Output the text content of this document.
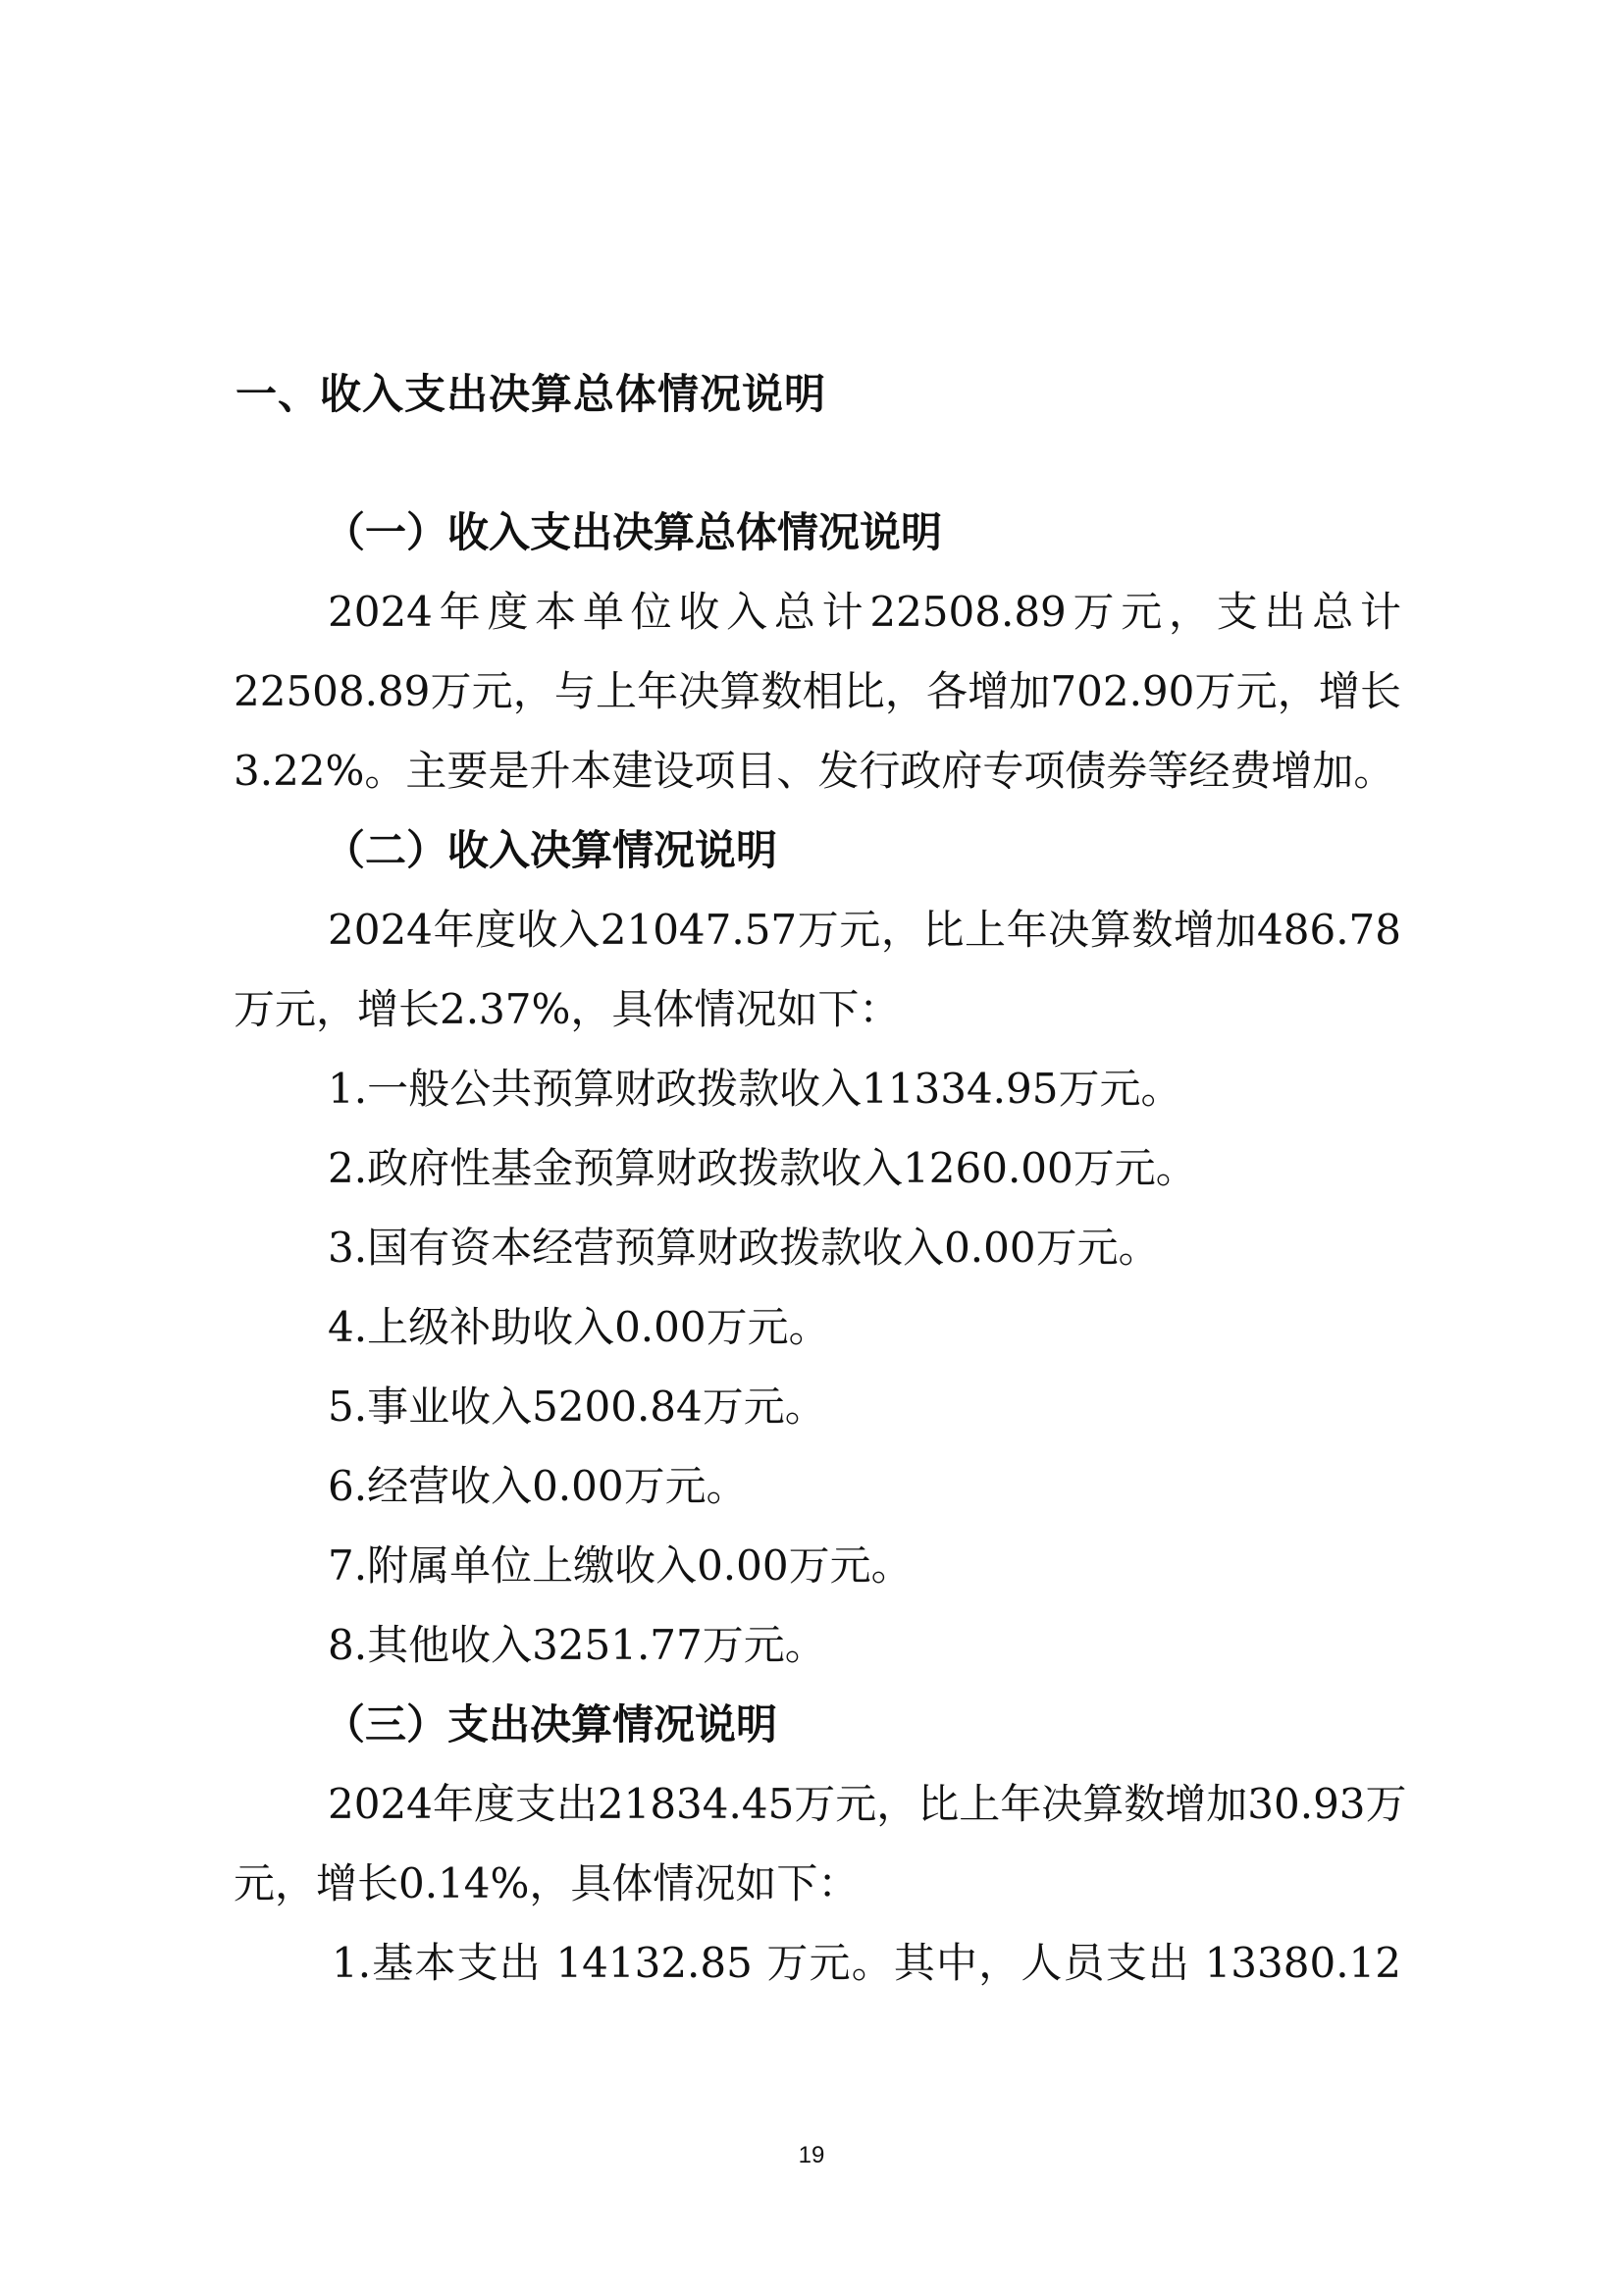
一、收入支出决算总体情况说明
（一）收入支出决算总体情况说明
2024年度本单位收入总计22508.89万元，支出总计
22508.89万元，与上年决算数相比，各增加702.90万元，增长
3.22%。主要是升本建设项目、发行政府专项债券等经费增加。
（二）收入决算情况说明
2024年度收入21047.57万元，比上年决算数增加486.78
万元，增长2.37%，具体情况如下：
1.一般公共预算财政拨款收入11334.95万元。
2.政府性基金预算财政拨款收入1260.00万元。
3.国有资本经营预算财政拨款收入0.00万元。
4.上级补助收入0.00万元。
5.事业收入5200.84万元。
6.经营收入0.00万元。
7.附属单位上缴收入0.00万元。
8.其他收入3251.77万元。
（三）支出决算情况说明
2024年度支出21834.45万元，比上年决算数增加30.93万
元，增长0.14%，具体情况如下：
1.基本支出 14132.85 万元。其中，人员支出 13380.12
19
